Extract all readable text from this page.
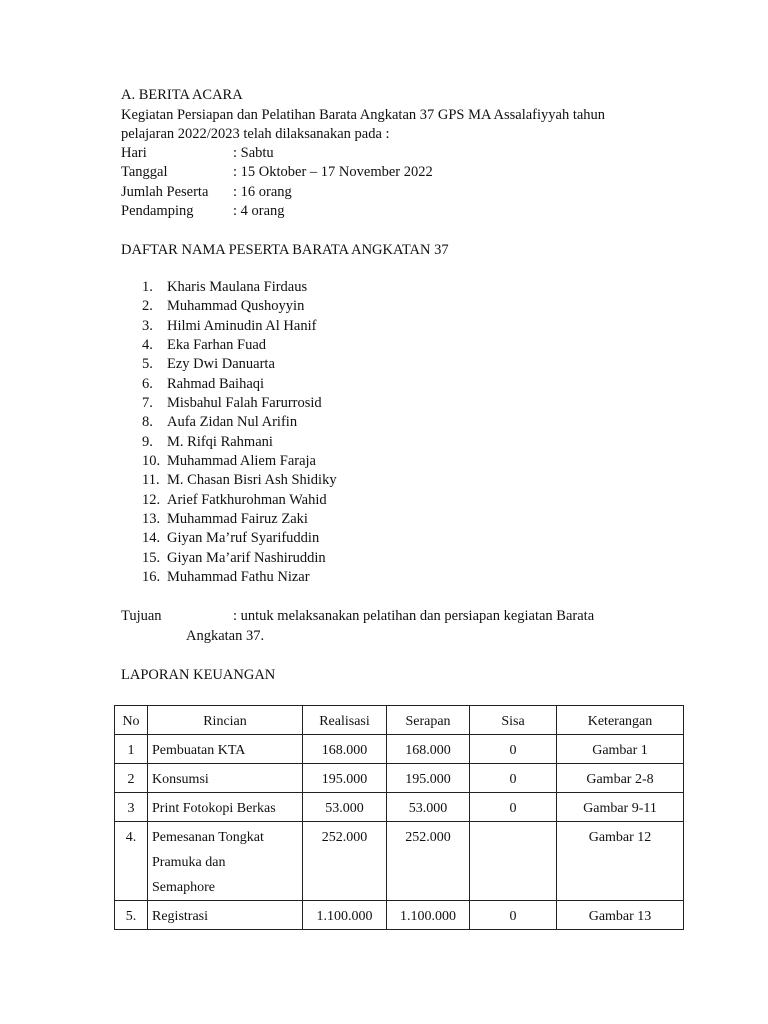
A. BERITA ACARA
Kegiatan Persiapan dan Pelatihan Barata Angkatan 37 GPS MA Assalafiyyah tahun
pelajaran 2022/2023 telah dilaksanakan pada :
Hari	: Sabtu
Tanggal	: 15 Oktober – 17 November 2022
Jumlah Peserta : 16 orang
Pendamping	: 4 orang
DAFTAR NAMA PESERTA BARATA ANGKATAN 37
1. Kharis Maulana Firdaus
2. Muhammad Qushoyyin
3. Hilmi Aminudin Al Hanif
4. Eka Farhan Fuad
5. Ezy Dwi Danuarta
6. Rahmad Baihaqi
7. Misbahul Falah Farurrosid
8. Aufa Zidan Nul Arifin
9. M. Rifqi Rahmani
10. Muhammad Aliem Faraja
11. M. Chasan Bisri Ash Shidiky
12. Arief Fatkhurohman Wahid
13. Muhammad Fairuz Zaki
14. Giyan Ma’ruf Syarifuddin
15. Giyan Ma’arif Nashiruddin
16. Muhammad Fathu Nizar
Tujuan	: untuk melaksanakan pelatihan dan persiapan kegiatan Barata
Angkatan 37.
LAPORAN KEUANGAN
No	Rincian	Realisasi	Serapan	Sisa	Keterangan
1	Pembuatan KTA	168.000	168.000	0	Gambar 1
2	Konsumsi	195.000	195.000	0	Gambar 2-8
3	Print Fotokopi Berkas	53.000	53.000	0	Gambar 9-11
4.	Pemesanan Tongkat
Pramuka dan
Semaphore	252.000	252.000		Gambar 12
5.	Registrasi	1.100.000	1.100.000	0	Gambar 13
